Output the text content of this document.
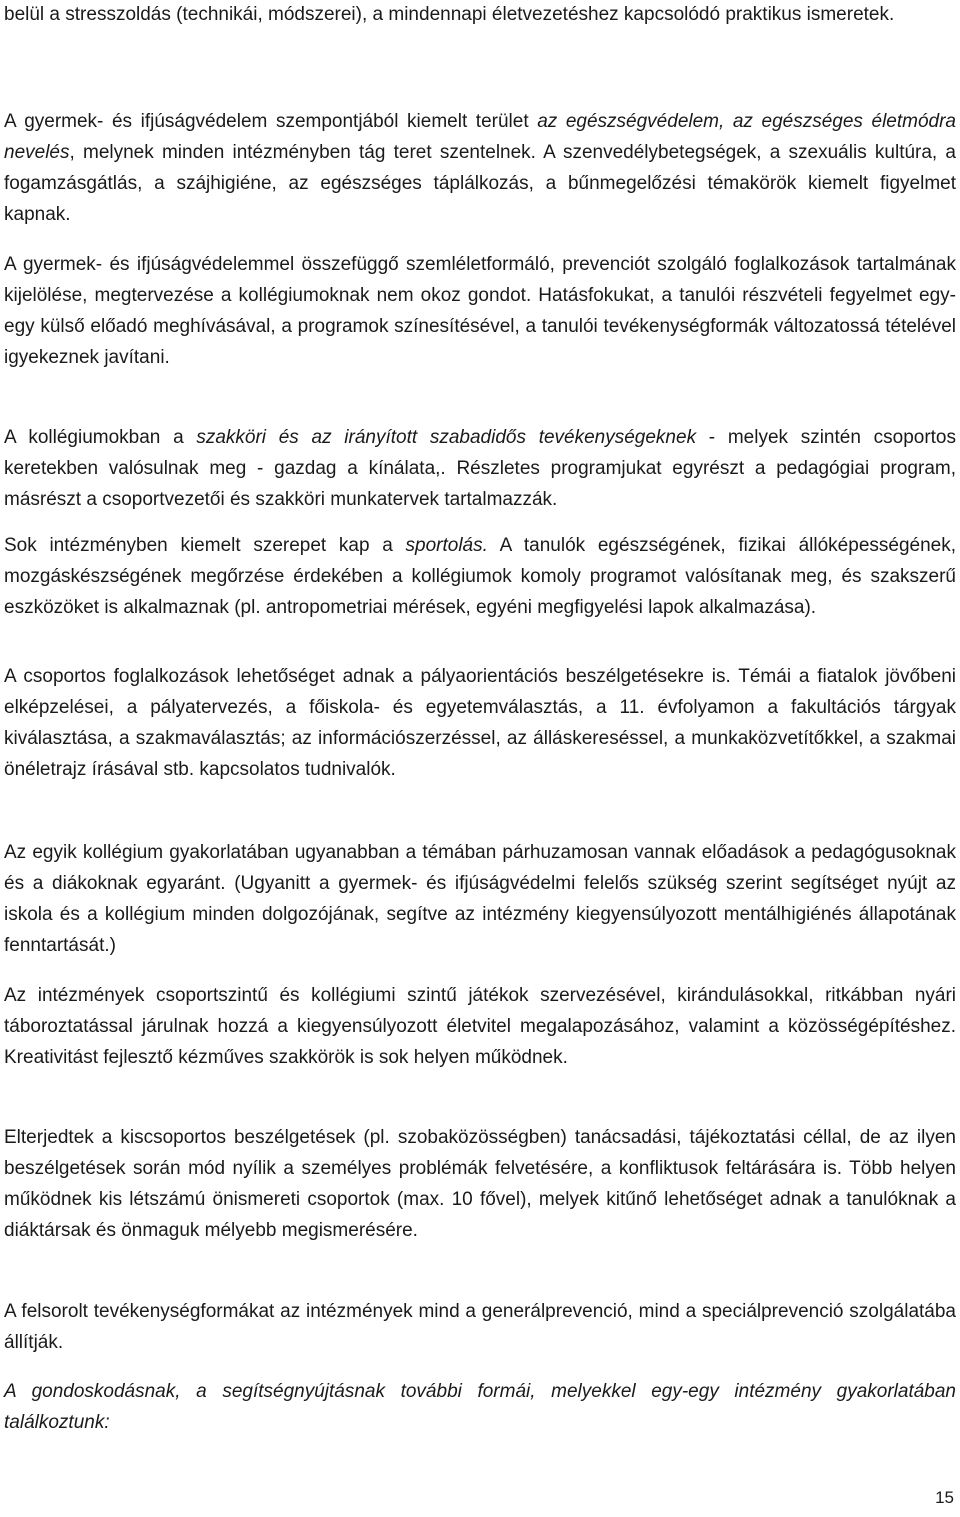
belül a stresszoldás (technikái, módszerei), a mindennapi életvezetéshez kapcsolódó praktikus ismeretek.

A gyermek- és ifjúságvédelem szempontjából kiemelt terület az egészségvédelem, az egészséges életmódra nevelés, melynek minden intézményben tág teret szentelnek. A szenvedélybetegségek, a szexuális kultúra, a fogamzásgátlás, a szájhigiéne, az egészséges táplálkozás, a bűnmegelőzési témakörök kiemelt figyelmet kapnak.

A gyermek- és ifjúságvédelemmel összefüggő szemléletformáló, prevenciót szolgáló foglalkozások tartalmának kijelölése, megtervezése a kollégiumoknak nem okoz gondot. Hatásfokukat, a tanulói részvételi fegyelmet egy-egy külső előadó meghívásával, a programok színesítésével, a tanulói tevékenységformák változatossá tételével igyekeznek javítani.

A kollégiumokban a szakköri és az irányított szabadidős tevékenységeknek - melyek szintén csoportos keretekben valósulnak meg - gazdag a kínálata,. Részletes programjukat egyrészt a pedagógiai program, másrészt a csoportvezetői és szakköri munkatervek tartalmazzák.

Sok intézményben kiemelt szerepet kap a sportolás. A tanulók egészségének, fizikai állóképességének, mozgáskészségének megőrzése érdekében a kollégiumok komoly programot valósítanak meg, és szakszerű eszközöket is alkalmaznak (pl. antropometriai mérések, egyéni megfigyelési lapok alkalmazása).

A csoportos foglalkozások lehetőséget adnak a pályaorientációs beszélgetésekre is. Témái a fiatalok jövőbeni elképzelései, a pályatervezés, a főiskola- és egyetemválasztás, a 11. évfolyamon a fakultációs tárgyak kiválasztása, a szakmaválasztás; az információszerzéssel, az álláskereséssel, a munkaközvetítőkkel, a szakmai önéletrajz írásával stb. kapcsolatos tudnivalók.

Az egyik kollégium gyakorlatában ugyanabban a témában párhuzamosan vannak előadások a pedagógusoknak és a diákoknak egyaránt. (Ugyanitt a gyermek- és ifjúságvédelmi felelős szükség szerint segítséget nyújt az iskola és a kollégium minden dolgozójának, segítve az intézmény kiegyensúlyozott mentálhigiénés állapotának fenntartását.)

Az intézmények csoportszintű és kollégiumi szintű játékok szervezésével, kirándulásokkal, ritkábban nyári táboroztatással járulnak hozzá a kiegyensúlyozott életvitel megalapozásához, valamint a közösségépítéshez. Kreativitást fejlesztő kézműves szakkörök is sok helyen működnek.

Elterjedtek a kiscsoportos beszélgetések (pl. szobaközösségben) tanácsadási, tájékoztatási céllal, de az ilyen beszélgetések során mód nyílik a személyes problémák felvetésére, a konfliktusok feltárására is. Több helyen működnek kis létszámú önismereti csoportok (max. 10 fővel), melyek kitűnő lehetőséget adnak a tanulóknak a diáktársak és önmaguk mélyebb megismerésére.

A felsorolt tevékenységformákat az intézmények mind a generálprevenció, mind a speciálprevenció szolgálatába állítják.

A gondoskodásnak, a segítségnyújtásnak további formái, melyekkel egy-egy intézmény gyakorlatában találkoztunk:

15
